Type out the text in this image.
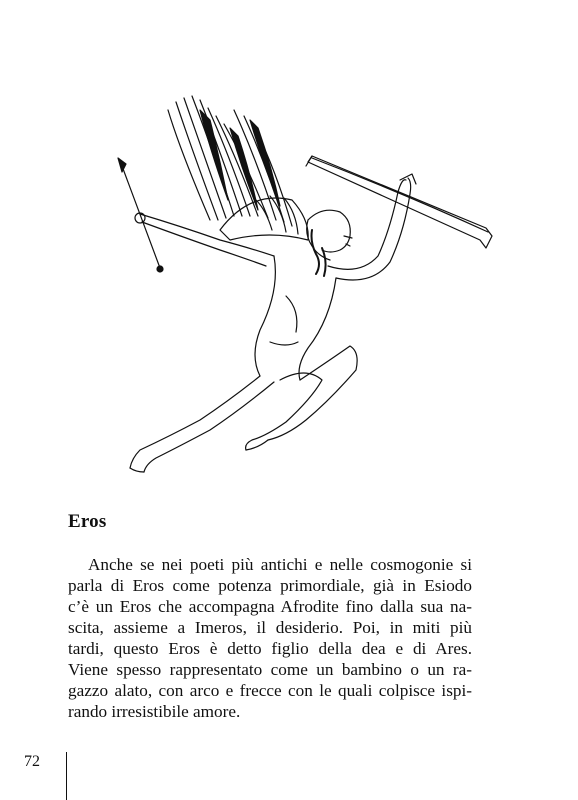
Eros
Anche se nei poeti più antichi e nelle cosmogonie si
parla di Eros come potenza primordiale, già in Esiodo
c’è un Eros che accompagna Afrodite fino dalla sua na-
scita, assieme a Imeros, il desiderio. Poi, in miti più
tardi, questo Eros è detto figlio della dea e di Ares.
Viene spesso rappresentato come un bambino o un ra-
gazzo alato, con arco e frecce con le quali colpisce ispi-
rando irresistibile amore.
72
